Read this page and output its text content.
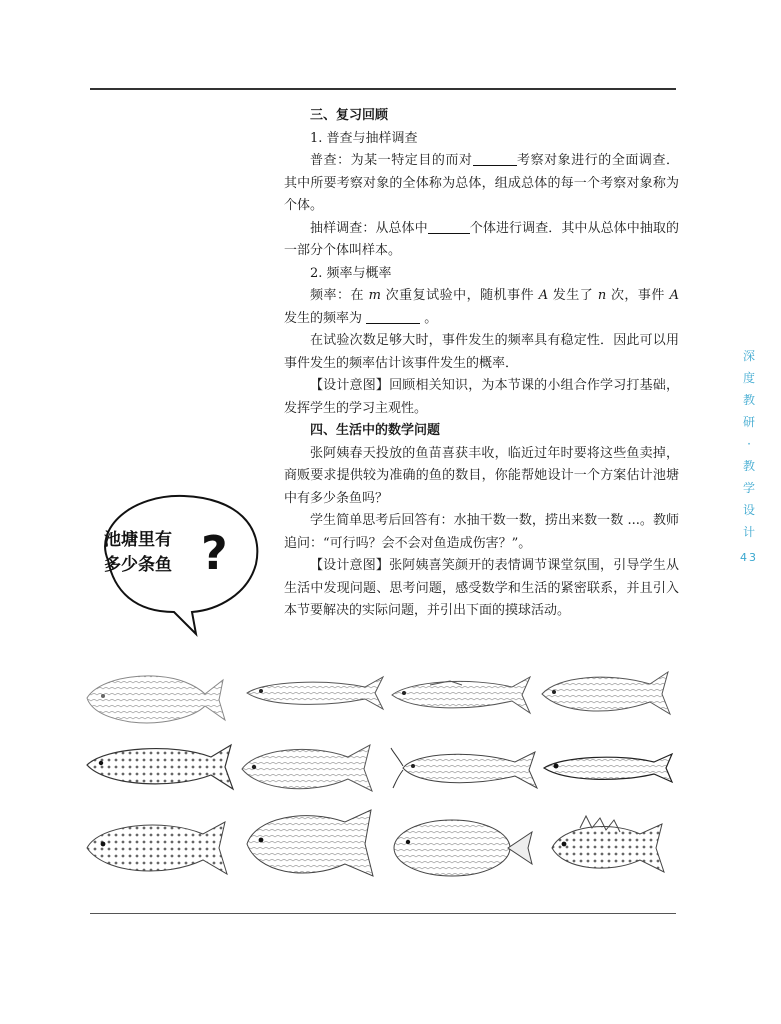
三、复习回顾

1. 普查与抽样调查

普查：为某一特定目的而对	考察对象进行的全面调查．其中所要考察对象的全体称为总体，组成总体的每一个考察对象称为个体。

抽样调查：从总体中	个体进行调查．其中从总体中抽取的一部分个体叫样本。

2. 频率与概率

频率：在 m 次重复试验中，随机事件 A 发生了 n 次，事件 A 发生的频率为	。

在试验次数足够大时，事件发生的频率具有稳定性．因此可以用事件发生的频率估计该事件发生的概率．

【设计意图】回顾相关知识，为本节课的小组合作学习打基础，发挥学生的学习主观性。

四、生活中的数学问题

张阿姨春天投放的鱼苗喜获丰收，临近过年时要将这些鱼卖掉，商贩要求提供较为准确的鱼的数目，你能帮她设计一个方案估计池塘中有多少条鱼吗？

学生简单思考后回答有：水抽干数一数，捞出来数一数 ...。教师追问：“可行吗？会不会对鱼造成伤害？”。

【设计意图】张阿姨喜笑颜开的表情调节课堂氛围，引导学生从生活中发现问题、思考问题，感受数学和生活的紧密联系，并且引入本节要解决的实际问题，并引出下面的摸球活动。

深
度
教
研
·
教
学
设
计
43
池塘里有
多少条鱼 ?
